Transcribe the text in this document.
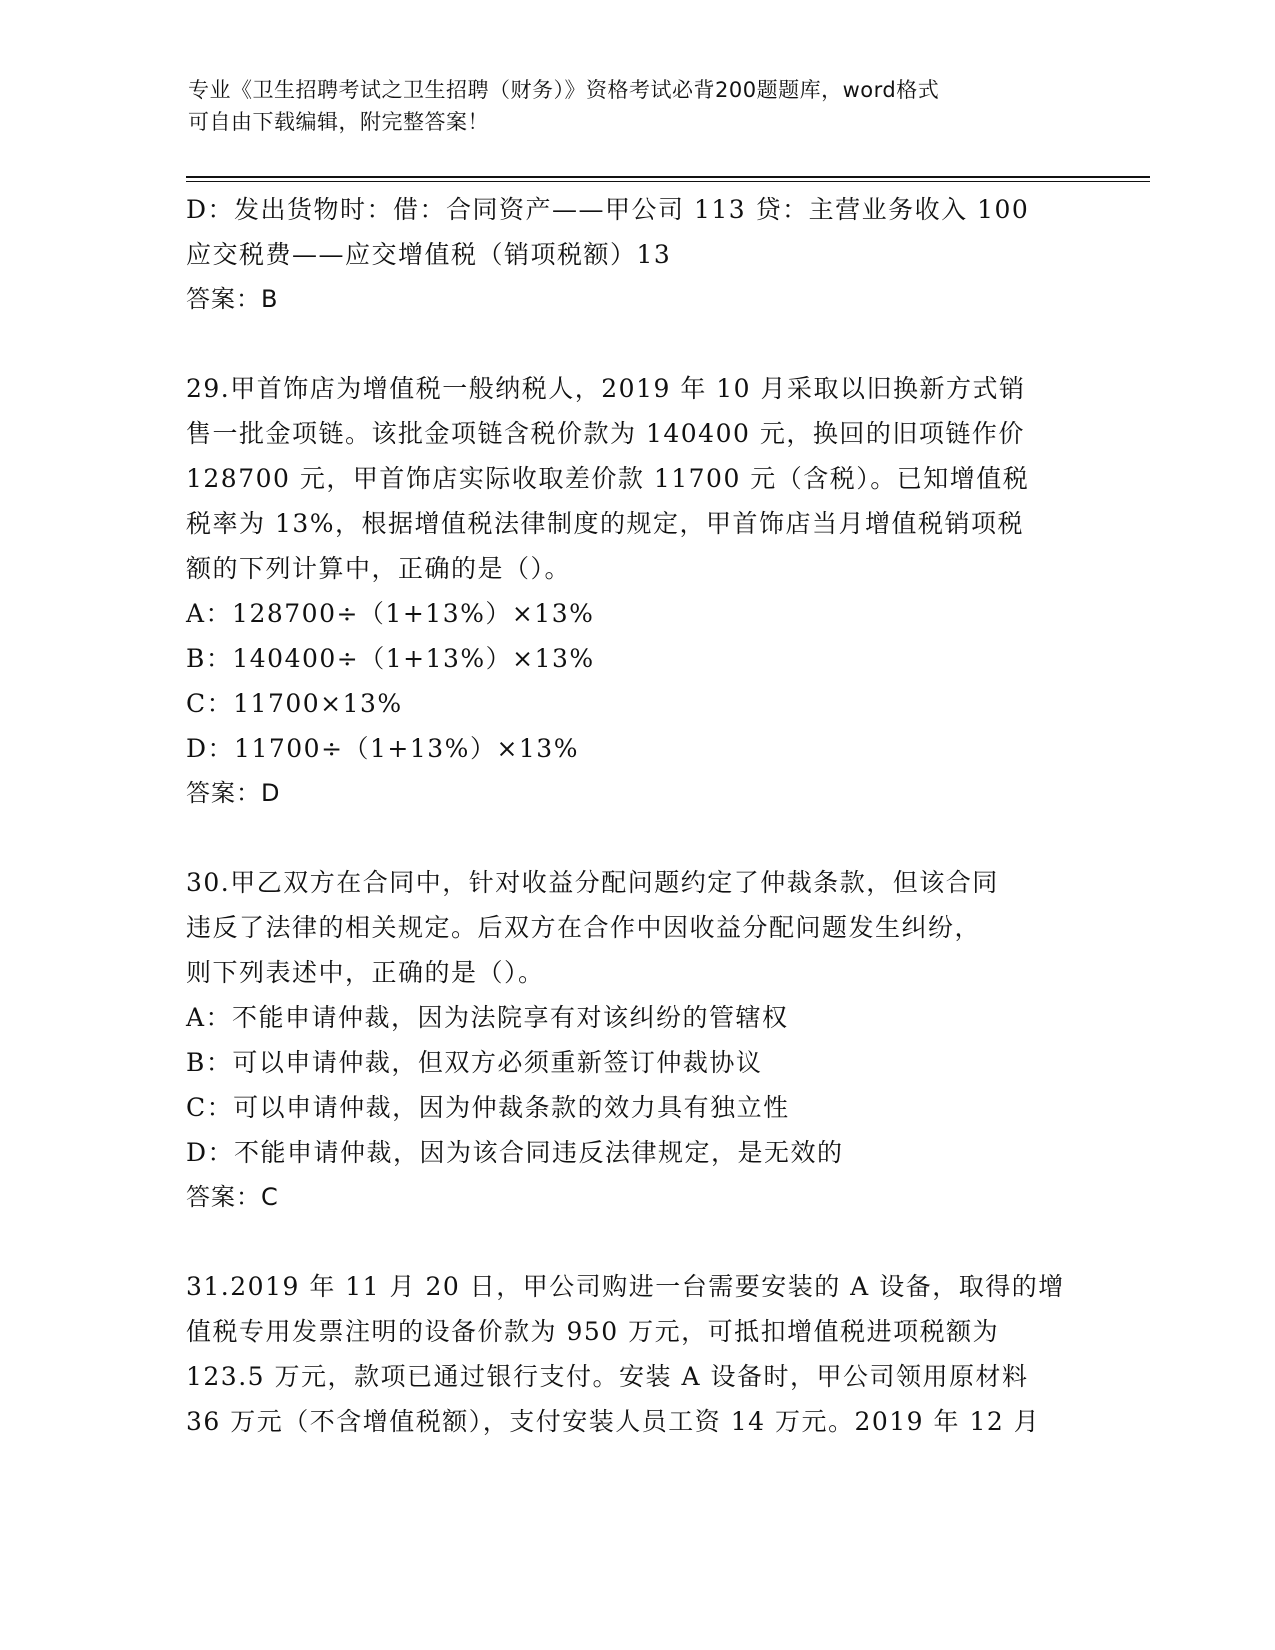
专业《卫生招聘考试之卫生招聘（财务）》资格考试必背200题题库，word格式
可自由下载编辑，附完整答案！
D：发出货物时：借：合同资产——甲公司 113 贷：主营业务收入 100
应交税费——应交增值税（销项税额）13
答案：B
29.甲首饰店为增值税一般纳税人，2019 年 10 月采取以旧换新方式销
售一批金项链。该批金项链含税价款为 140400 元，换回的旧项链作价
128700 元，甲首饰店实际收取差价款 11700 元（含税）。已知增值税
税率为 13%，根据增值税法律制度的规定，甲首饰店当月增值税销项税
额的下列计算中，正确的是（）。
A：128700÷（1+13%）×13%
B：140400÷（1+13%）×13%
C：11700×13%
D：11700÷（1+13%）×13%
答案：D
30.甲乙双方在合同中，针对收益分配问题约定了仲裁条款，但该合同
违反了法律的相关规定。后双方在合作中因收益分配问题发生纠纷，
则下列表述中，正确的是（）。
A：不能申请仲裁，因为法院享有对该纠纷的管辖权
B：可以申请仲裁，但双方必须重新签订仲裁协议
C：可以申请仲裁，因为仲裁条款的效力具有独立性
D：不能申请仲裁，因为该合同违反法律规定，是无效的
答案：C
31.2019 年 11 月 20 日，甲公司购进一台需要安装的 A 设备，取得的增
值税专用发票注明的设备价款为 950 万元，可抵扣增值税进项税额为
123.5 万元，款项已通过银行支付。安装 A 设备时，甲公司领用原材料
36 万元（不含增值税额），支付安装人员工资 14 万元。2019 年 12 月
